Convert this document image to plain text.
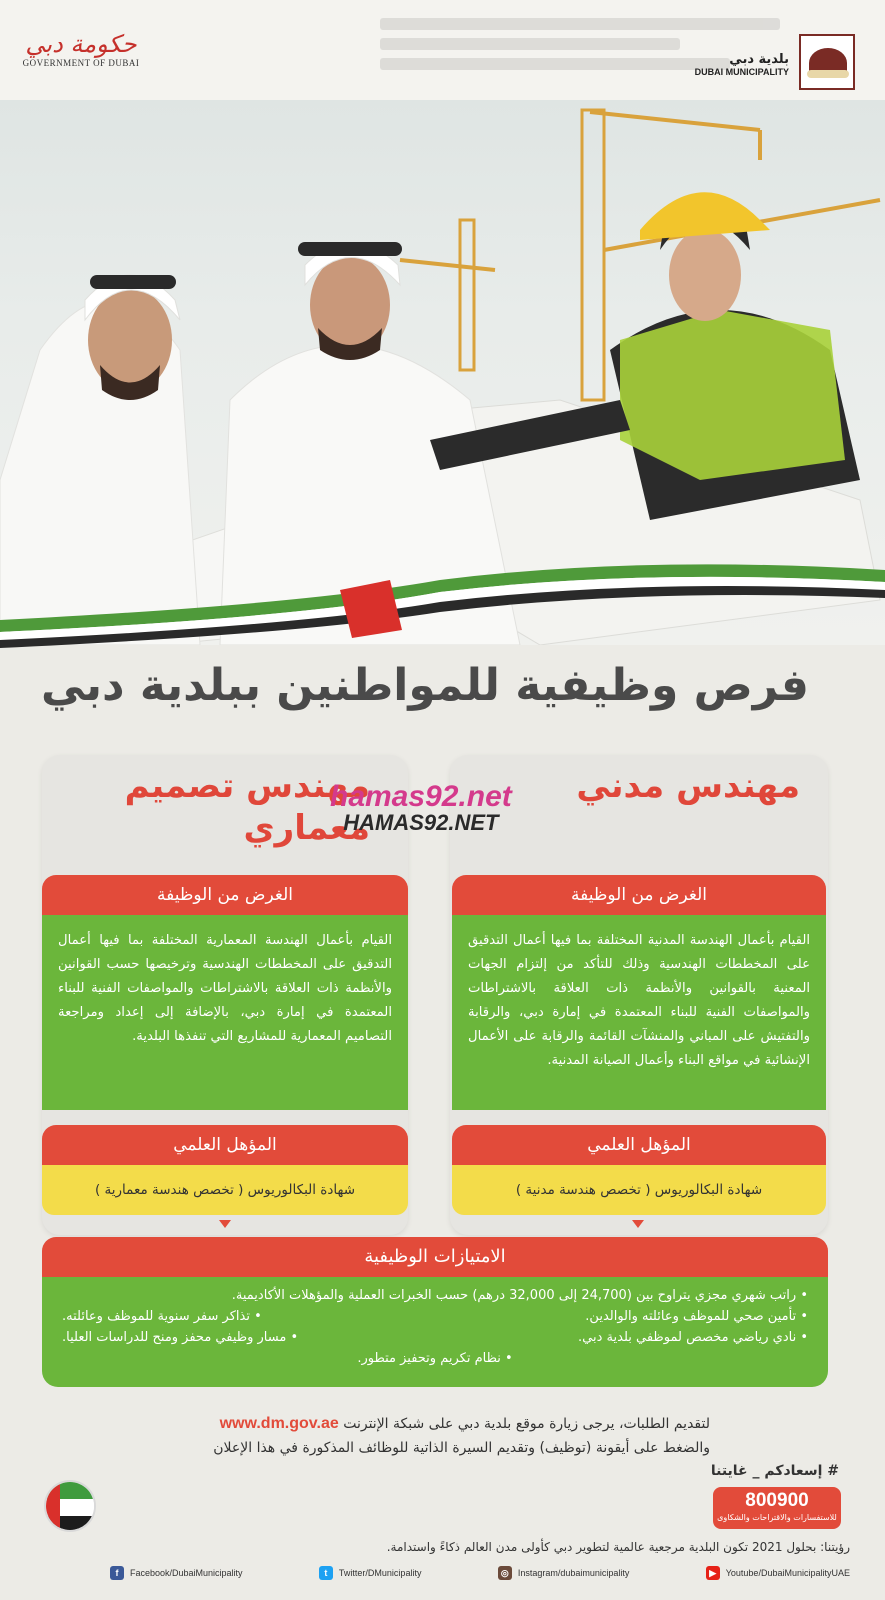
حكومة دبي
GOVERNMENT OF DUBAI	بلدية دبي
DUBAI MUNICIPALITY
فرص وظيفية للمواطنين ببلدية دبي
مهندس مدني
مهندس تصميم معماري
hamas92.net
HAMAS92.NET
الغرض من الوظيفة
القيام بأعمال الهندسة المدنية المختلفة بما فيها أعمال التدقيق على المخططات الهندسية وذلك للتأكد من إلتزام الجهات المعنية بالقوانين والأنظمة ذات العلاقة بالاشتراطات والمواصفات الفنية للبناء المعتمدة في إمارة دبي، والرقابة والتفتيش على المباني والمنشآت القائمة والرقابة على الأعمال الإنشائية في مواقع البناء وأعمال الصيانة المدنية.
المؤهل العلمي
شهادة البكالوريوس ( تخصص هندسة مدنية )
الغرض من الوظيفة
القيام بأعمال الهندسة المعمارية المختلفة بما فيها أعمال التدقيق على المخططات الهندسية وترخيصها حسب القوانين والأنظمة ذات العلاقة بالاشتراطات والمواصفات الفنية للبناء المعتمدة في إمارة دبي، بالإضافة إلى إعداد ومراجعة التصاميم المعمارية للمشاريع التي تنفذها البلدية.
المؤهل العلمي
شهادة البكالوريوس ( تخصص هندسة معمارية )
الامتيازات الوظيفية
• راتب شهري مجزي يتراوح بين (24,700 إلى 32,000 درهم) حسب الخبرات العملية والمؤهلات الأكاديمية.
• تأمين صحي للموظف وعائلته والوالدين.
• تذاكر سفر سنوية للموظف وعائلته.
• نادي رياضي مخصص لموظفي بلدية دبي.
• مسار وظيفي محفز ومنح للدراسات العليا.
• نظام تكريم وتحفيز متطور.
لتقديم الطلبات، يرجى زيارة موقع بلدية دبي على شبكة الإنترنت www.dm.gov.ae
والضغط على أيقونة (توظيف) وتقديم السيرة الذاتية للوظائف المذكورة في هذا الإعلان
# إسعادكم _ غايتنا
800900
للاستفسارات والاقتراحات والشكاوى
رؤيتنا: بحلول 2021 تكون البلدية مرجعية عالمية لتطوير دبي كأولى مدن العالم ذكاءً واستدامة.
f	Facebook/DubaiMunicipality	t	Twitter/DMunicipality	◎	Instagram/dubaimunicipality	▶	Youtube/DubaiMunicipalityUAE
